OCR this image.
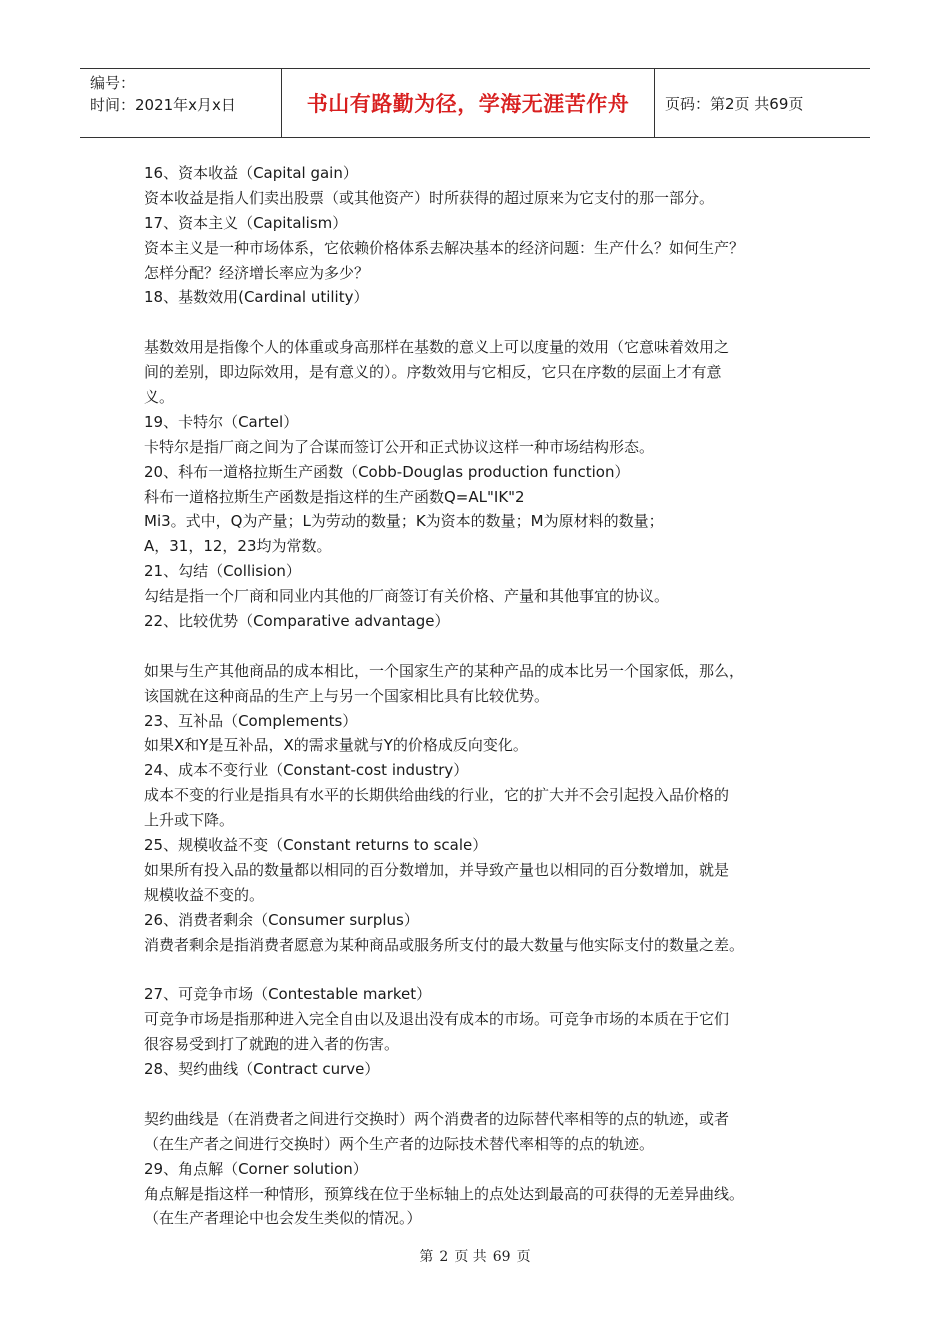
编号：
时间：2021年x月x日	书山有路勤为径，学海无涯苦作舟	页码：第2页 共69页
16、资本收益（Capital gain）
资本收益是指人们卖出股票（或其他资产）时所获得的超过原来为它支付的那一部分。
17、资本主义（Capitalism）
资本主义是一种市场体系，它依赖价格体系去解决基本的经济问题：生产什么？如何生产？
怎样分配？经济增长率应为多少？
18、基数效用(Cardinal utility）
基数效用是指像个人的体重或身高那样在基数的意义上可以度量的效用（它意味着效用之
间的差别，即边际效用，是有意义的）。序数效用与它相反，它只在序数的层面上才有意
义。
19、卡特尔（Cartel）
卡特尔是指厂商之间为了合谋而签订公开和正式协议这样一种市场结构形态。
20、科布一道格拉斯生产函数（Cobb-Douglas production function）
科布一道格拉斯生产函数是指这样的生产函数Q=AL"IK"2
Mi3。式中，Q为产量；L为劳动的数量；K为资本的数量；M为原材料的数量；
A，31，12，23均为常数。
21、勾结（Collision）
勾结是指一个厂商和同业内其他的厂商签订有关价格、产量和其他事宜的协议。
22、比较优势（Comparative advantage）
如果与生产其他商品的成本相比，一个国家生产的某种产品的成本比另一个国家低，那么，
该国就在这种商品的生产上与另一个国家相比具有比较优势。
23、互补品（Complements）
如果X和Y是互补品，X的需求量就与Y的价格成反向变化。
24、成本不变行业（Constant-cost industry）
成本不变的行业是指具有水平的长期供给曲线的行业，它的扩大并不会引起投入品价格的
上升或下降。
25、规模收益不变（Constant returns to scale）
如果所有投入品的数量都以相同的百分数增加，并导致产量也以相同的百分数增加，就是
规模收益不变的。
26、消费者剩余（Consumer surplus）
消费者剩余是指消费者愿意为某种商品或服务所支付的最大数量与他实际支付的数量之差。
27、可竞争市场（Contestable market）
可竞争市场是指那种进入完全自由以及退出没有成本的市场。可竞争市场的本质在于它们
很容易受到打了就跑的进入者的伤害。
28、契约曲线（Contract curve）
契约曲线是（在消费者之间进行交换时）两个消费者的边际替代率相等的点的轨迹，或者
（在生产者之间进行交换时）两个生产者的边际技术替代率相等的点的轨迹。
29、角点解（Corner solution）
角点解是指这样一种情形，预算线在位于坐标轴上的点处达到最高的可获得的无差异曲线。
（在生产者理论中也会发生类似的情况。）
第 2 页 共 69 页
